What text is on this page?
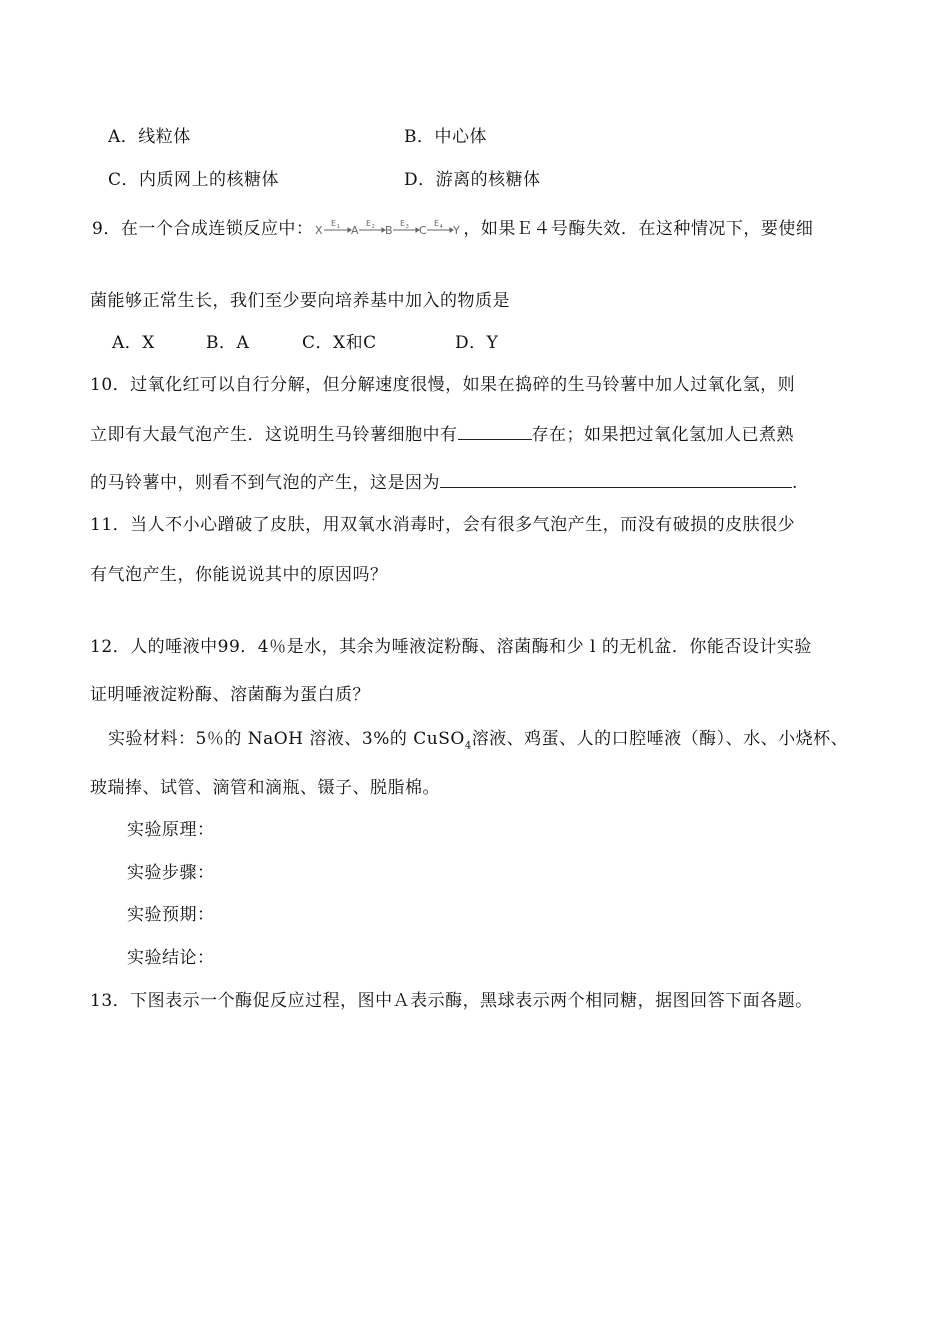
A．线粒体	B．中心体
C．内质网上的核糖体	D．游离的核糖体
9．在一个合成连锁反应中： X	A B C Y
$E_1$	$E_2$	$E_3$	$E_4$ ，如果Ｅ４号酶失效．在这种情况下，要使细
菌能够正常生长，我们至少要向培养基中加入的物质是
A．X	B．A	C．X和C	D．Y
10．过氧化红可以自行分解，但分解速度很慢，如果在捣碎的生马铃薯中加人过氧化氢，则
立即有大最气泡产生．这说明生马铃薯细胞中有	存在；如果把过氧化氢加人已煮熟
的马铃薯中，则看不到气泡的产生，这是因为	.
11．当人不小心蹭破了皮肤，用双氧水消毒时，会有很多气泡产生，而没有破损的皮肤很少
有气泡产生，你能说说其中的原因吗？
12．人的唾液中99．4％是水，其余为唾液淀粉酶、溶菌酶和少 l 的无机盆．你能否设计实验
证明唾液淀粉酶、溶菌酶为蛋白质？
实验材料：5％的 NaOH 溶液、3%的 CuSO$_4$溶液、鸡蛋、人的口腔唾液（酶）、水、小烧杯、
玻瑞捧、试管、滴管和滴瓶、镊子、脱脂棉。
实验原理：
实验步骤：
实验预期：
实验结论：
13．下图表示一个酶促反应过程，图中Ａ表示酶，黑球表示两个相同糖，据图回答下面各题。
